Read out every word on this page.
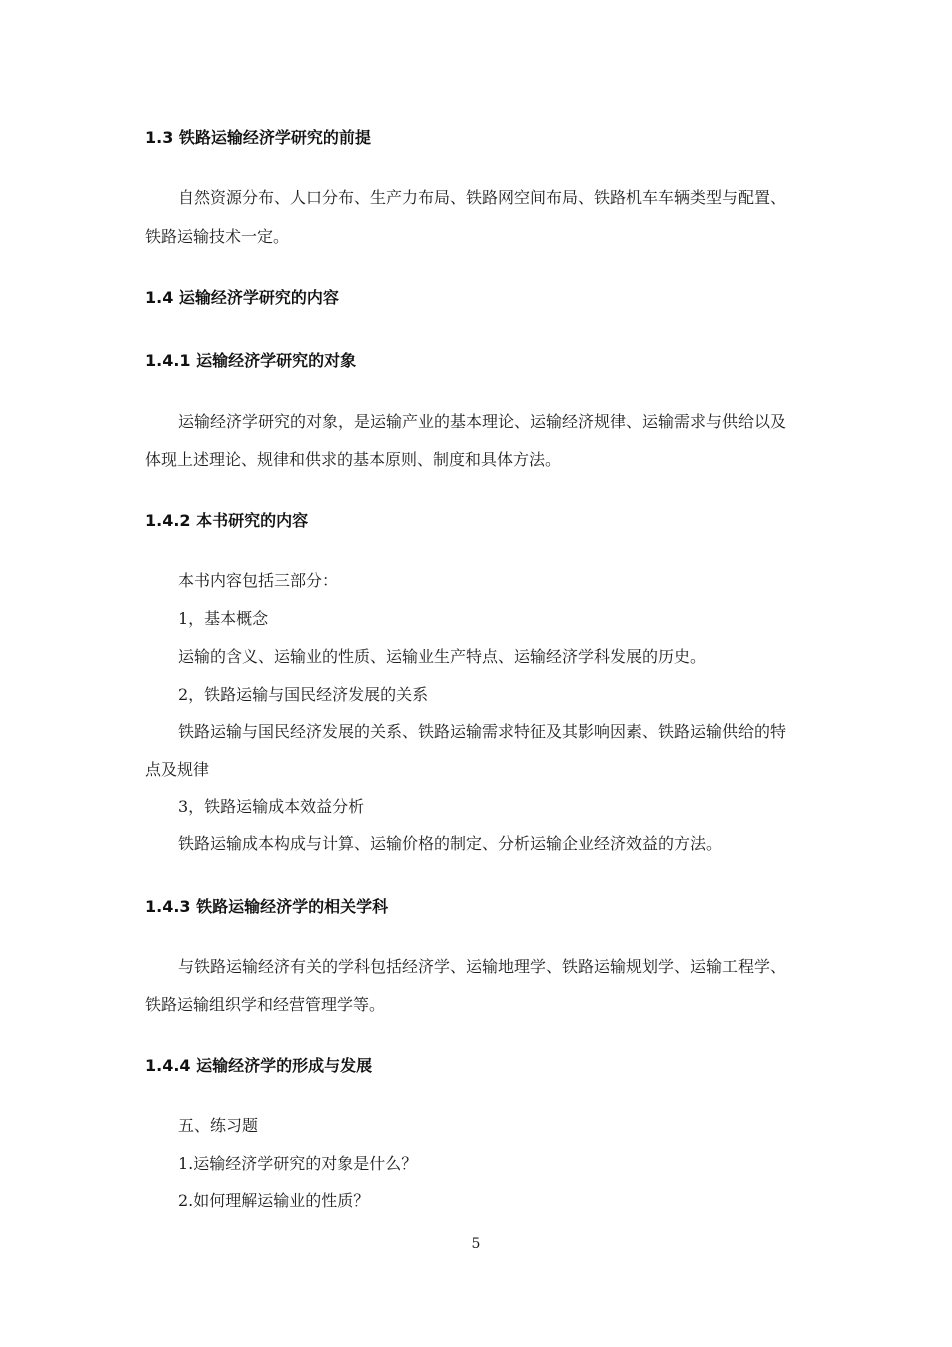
1.3 铁路运输经济学研究的前提
自然资源分布、人口分布、生产力布局、铁路网空间布局、铁路机车车辆类型与配置、
铁路运输技术一定。
1.4 运输经济学研究的内容
1.4.1 运输经济学研究的对象
运输经济学研究的对象，是运输产业的基本理论、运输经济规律、运输需求与供给以及
体现上述理论、规律和供求的基本原则、制度和具体方法。
1.4.2 本书研究的内容
本书内容包括三部分：
1，基本概念
运输的含义、运输业的性质、运输业生产特点、运输经济学科发展的历史。
2，铁路运输与国民经济发展的关系
铁路运输与国民经济发展的关系、铁路运输需求特征及其影响因素、铁路运输供给的特
点及规律
3，铁路运输成本效益分析
铁路运输成本构成与计算、运输价格的制定、分析运输企业经济效益的方法。
1.4.3 铁路运输经济学的相关学科
与铁路运输经济有关的学科包括经济学、运输地理学、铁路运输规划学、运输工程学、
铁路运输组织学和经营管理学等。
1.4.4 运输经济学的形成与发展
五、练习题
1.运输经济学研究的对象是什么？
2.如何理解运输业的性质？
5
